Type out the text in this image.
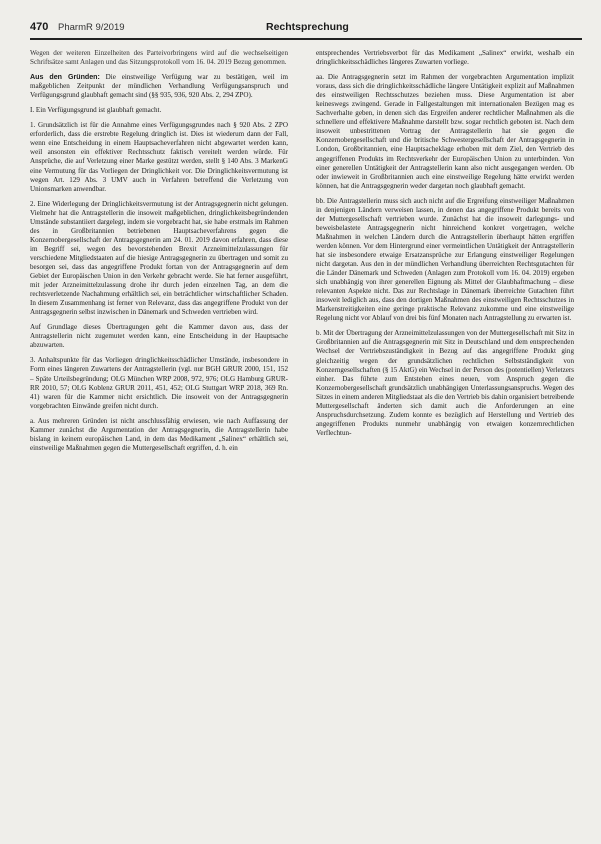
470 PharmR 9/2019	Rechtsprechung

Wegen der weiteren Einzelheiten des Parteivorbringens wird auf die wechselseitigen Schriftsätze samt Anlagen und das Sitzungsprotokoll vom 16. 04. 2019 Bezug genommen.

Aus den Gründen: Die einstweilige Verfügung war zu bestätigen, weil im maßgeblichen Zeitpunkt der mündlichen Verhandlung Verfügungsanspruch und Verfügungsgrund glaubhaft gemacht sind (§§ 935, 936, 920 Abs. 2, 294 ZPO).

I. Ein Verfügungsgrund ist glaubhaft gemacht.

1. Grundsätzlich ist für die Annahme eines Verfügungsgrundes nach § 920 Abs. 2 ZPO erforderlich, dass die erstrebte Regelung dringlich ist. Dies ist wiederum dann der Fall, wenn eine Entscheidung in einem Hauptsacheverfahren nicht abgewartet werden kann, weil ansonsten ein effektiver Rechtsschutz faktisch vereitelt werden würde. Für Ansprüche, die auf Verletzung einer Marke gestützt werden, stellt § 140 Abs. 3 MarkenG eine Vermutung für das Vorliegen der Dringlichkeit vor. Die Dringlichkeitsvermutung ist wegen Art. 129 Abs. 3 UMV auch in Verfahren betreffend die Verletzung von Unionsmarken anwendbar.

2. Eine Widerlegung der Dringlichkeitsvermutung ist der Antragsgegnerin nicht gelungen. Vielmehr hat die Antragstellerin die insoweit maßgeblichen, dringlichkeitsbegründenden Umstände substantiiert dargelegt, indem sie vorgebracht hat, sie habe erstmals im Rahmen des in Großbritannien betriebenen Hauptsacheverfahrens gegen die Konzernobergesellschaft der Antragsgegnerin am 24. 01. 2019 davon erfahren, dass diese im Begriff sei, wegen des bevorstehenden Brexit Arzneimittelzulassungen für verschiedene Mitgliedstaaten auf die hiesige Antragsgegnerin zu übertragen und somit zu besorgen sei, dass das angegriffene Produkt fortan von der Antragsgegnerin auf dem Gebiet der Europäischen Union in den Verkehr gebracht werde. Sie hat ferner ausgeführt, mit jeder Arzneimittelzulassung drohe ihr durch jeden einzelnen Tag, an dem die rechtsverletzende Nachahmung erhältlich sei, ein beträchtlicher wirtschaftlicher Schaden. In diesem Zusammenhang ist ferner von Relevanz, dass das angegriffene Produkt von der Antragsgegnerin selbst inzwischen in Dänemark und Schweden vertrieben wird.

Auf Grundlage dieses Übertragungen geht die Kammer davon aus, dass der Antragstellerin nicht zugemutet werden kann, eine Entscheidung in der Hauptsache abzuwarten.

3. Anhaltspunkte für das Vorliegen dringlichkeitsschädlicher Umstände, insbesondere in Form eines längeren Zuwartens der Antragstellerin (vgl. nur BGH GRUR 2000, 151, 152 – Späte Urteilsbegründung; OLG München WRP 2008, 972, 976; OLG Hamburg GRUR-RR 2010, 57; OLG Koblenz GRUR 2011, 451, 452; OLG Stuttgart WRP 2018, 369 Rn. 41) waren für die Kammer nicht ersichtlich. Die insoweit von der Antragsgegnerin vorgebrachten Einwände greifen nicht durch.

a. Aus mehreren Gründen ist nicht anschlussfähig erwiesen, wie nach Auffassung der Kammer zunächst die Argumentation der Antragsgegnerin, die Antragstellerin habe bislang in keinem europäischen Land, in dem das Medikament „Salinex“ erhältlich sei, einstweilige Maßnahmen gegen die Muttergesellschaft ergriffen, d. h. ein

entsprechendes Vertriebsverbot für das Medikament „Salinex“ erwirkt, weshalb ein dringlichkeitsschädliches längeres Zuwarten vorliege.

aa. Die Antragsgegnerin setzt im Rahmen der vorgebrachten Argumentation implizit voraus, dass sich die dringlichkeitsschädliche längere Untätigkeit explizit auf Maßnahmen des einstweiligen Rechtsschutzes beziehen muss. Diese Argumentation ist aber keineswegs zwingend. Gerade in Fallgestaltungen mit internationalen Bezügen mag es Sachverhalte geben, in denen sich das Ergreifen anderer rechtlicher Maßnahmen als die schnellere und effektivere Maßnahme darstellt bzw. sogar rechtlich geboten ist. Nach dem insoweit unbestrittenen Vortrag der Antragstellerin hat sie gegen die Konzernobergesellschaft und die britische Schwestergesellschaft der Antragsgegnerin in London, Großbritannien, eine Hauptsacheklage erhoben mit dem Ziel, den Vertrieb des angegriffenen Produkts im Rechtsverkehr der Europäischen Union zu unterbinden. Von einer generellen Untätigkeit der Antragstellerin kann also nicht ausgegangen werden. Ob oder inwieweit in Großbritannien auch eine einstweilige Regelung hätte erwirkt werden können, hat die Antragsgegnerin weder dargetan noch glaubhaft gemacht.

bb. Die Antragstellerin muss sich auch nicht auf die Ergreifung einstweiliger Maßnahmen in denjenigen Ländern verweisen lassen, in denen das angegriffene Produkt bereits von der Muttergesellschaft vertrieben wurde. Zunächst hat die insoweit darlegungs- und beweisbelastete Antragsgegnerin nicht hinreichend konkret vorgetragen, welche Maßnahmen in welchen Ländern durch die Antragstellerin überhaupt hätten ergriffen werden können. Vor dem Hintergrund einer vermeintlichen Untätigkeit der Antragstellerin hat sie insbesondere etwaige Ersatzansprüche zur Erlangung einstweiliger Regelungen nicht dargetan. Aus den in der mündlichen Verhandlung überreichten Rechtsgutachten für die Länder Dänemark und Schweden (Anlagen zum Protokoll vom 16. 04. 2019) ergeben sich unabhängig von ihrer generellen Eignung als Mittel der Glaubhaftmachung – diese relevanten Aspekte nicht. Das zur Rechtslage in Dänemark überreichte Gutachten führt insoweit lediglich aus, dass den dortigen Maßnahmen des einstweiligen Rechtsschutzes in Markenstreitigkeiten eine geringe praktische Relevanz zukomme und eine einstweilige Regelung nicht vor Ablauf von drei bis fünf Monaten nach Antragstellung zu erwarten ist.

b. Mit der Übertragung der Arzneimittelzulassungen von der Muttergesellschaft mit Sitz in Großbritannien auf die Antragsgegnerin mit Sitz in Deutschland und dem entsprechenden Wechsel der Vertriebszuständigkeit in Bezug auf das angegriffene Produkt ging gleichzeitig wegen der grundsätzlichen rechtlichen Selbstständigkeit von Konzerngesellschaften (§ 15 AktG) ein Wechsel in der Person des (potentiellen) Verletzers einher. Das führte zum Entstehen eines neuen, vom Anspruch gegen die Konzernobergesellschaft grundsätzlich unabhängigen Unterlassungsanspruchs. Wegen des Sitzes in einem anderen Mitgliedstaat als die den Vertrieb bis dahin organisiert betreibende Muttergesellschaft änderten sich damit auch die Anforderungen an eine Anspruchsdurchsetzung. Zudem konnte es bezüglich auf Herstellung und Vertrieb des angegriffenen Produkts nunmehr unabhängig von etwaigen konzernrechtlichen Verflechtun-
